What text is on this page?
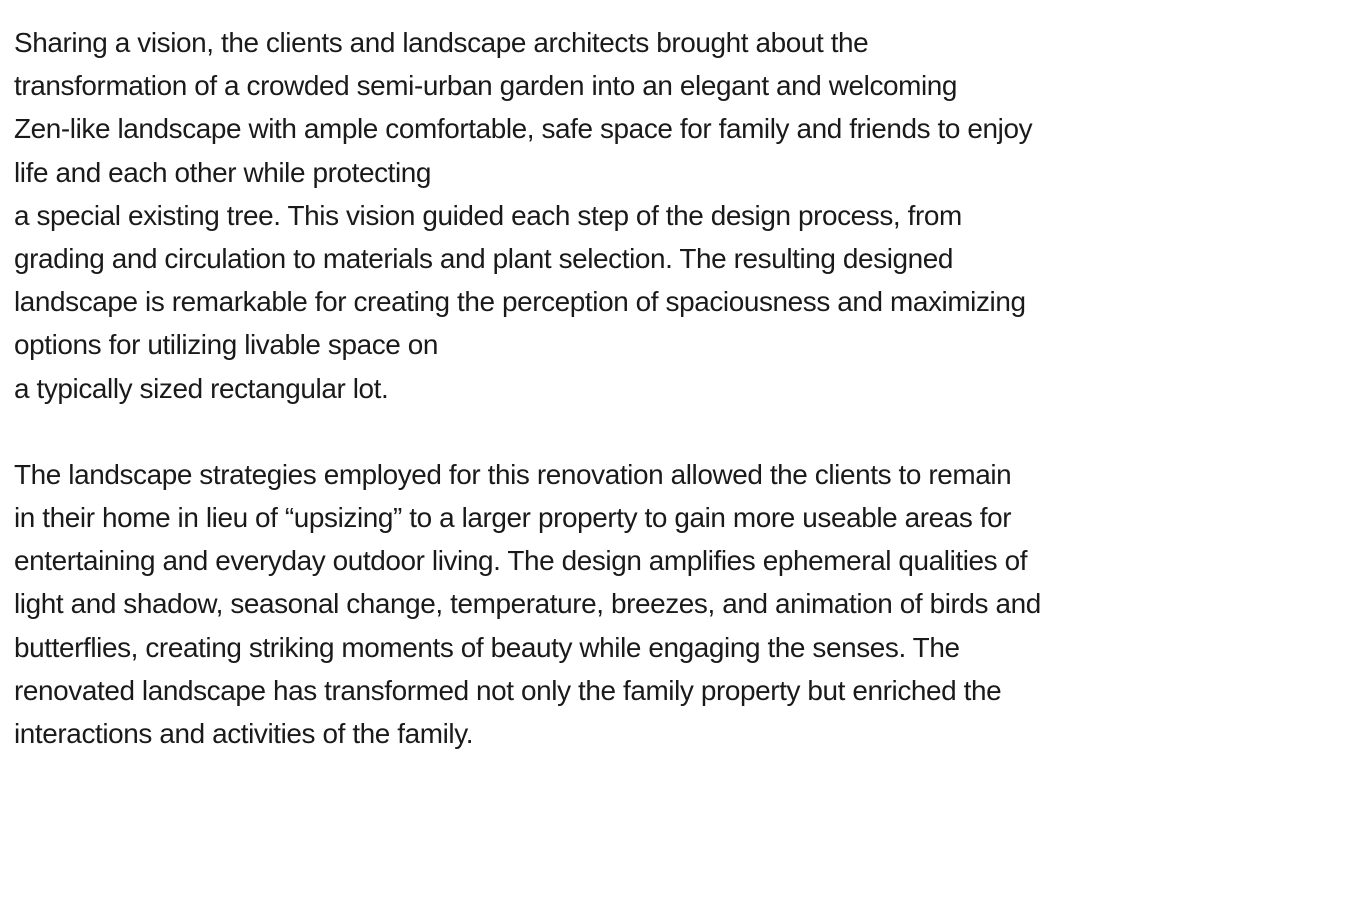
Sharing a vision, the clients and landscape architects brought about the
transformation of a crowded semi-urban garden into an elegant and welcoming
Zen-like landscape with ample comfortable, safe space for family and friends to enjoy
life and each other while protecting
a special existing tree. This vision guided each step of the design process, from
grading and circulation to materials and plant selection. The resulting designed
landscape is remarkable for creating the perception of spaciousness and maximizing
options for utilizing livable space on
a typically sized rectangular lot.

The landscape strategies employed for this renovation allowed the clients to remain
in their home in lieu of “upsizing” to a larger property to gain more useable areas for
entertaining and everyday outdoor living. The design amplifies ephemeral qualities of
light and shadow, seasonal change, temperature, breezes, and animation of birds and
butterflies, creating striking moments of beauty while engaging the senses. The
renovated landscape has transformed not only the family property but enriched the
interactions and activities of the family.
